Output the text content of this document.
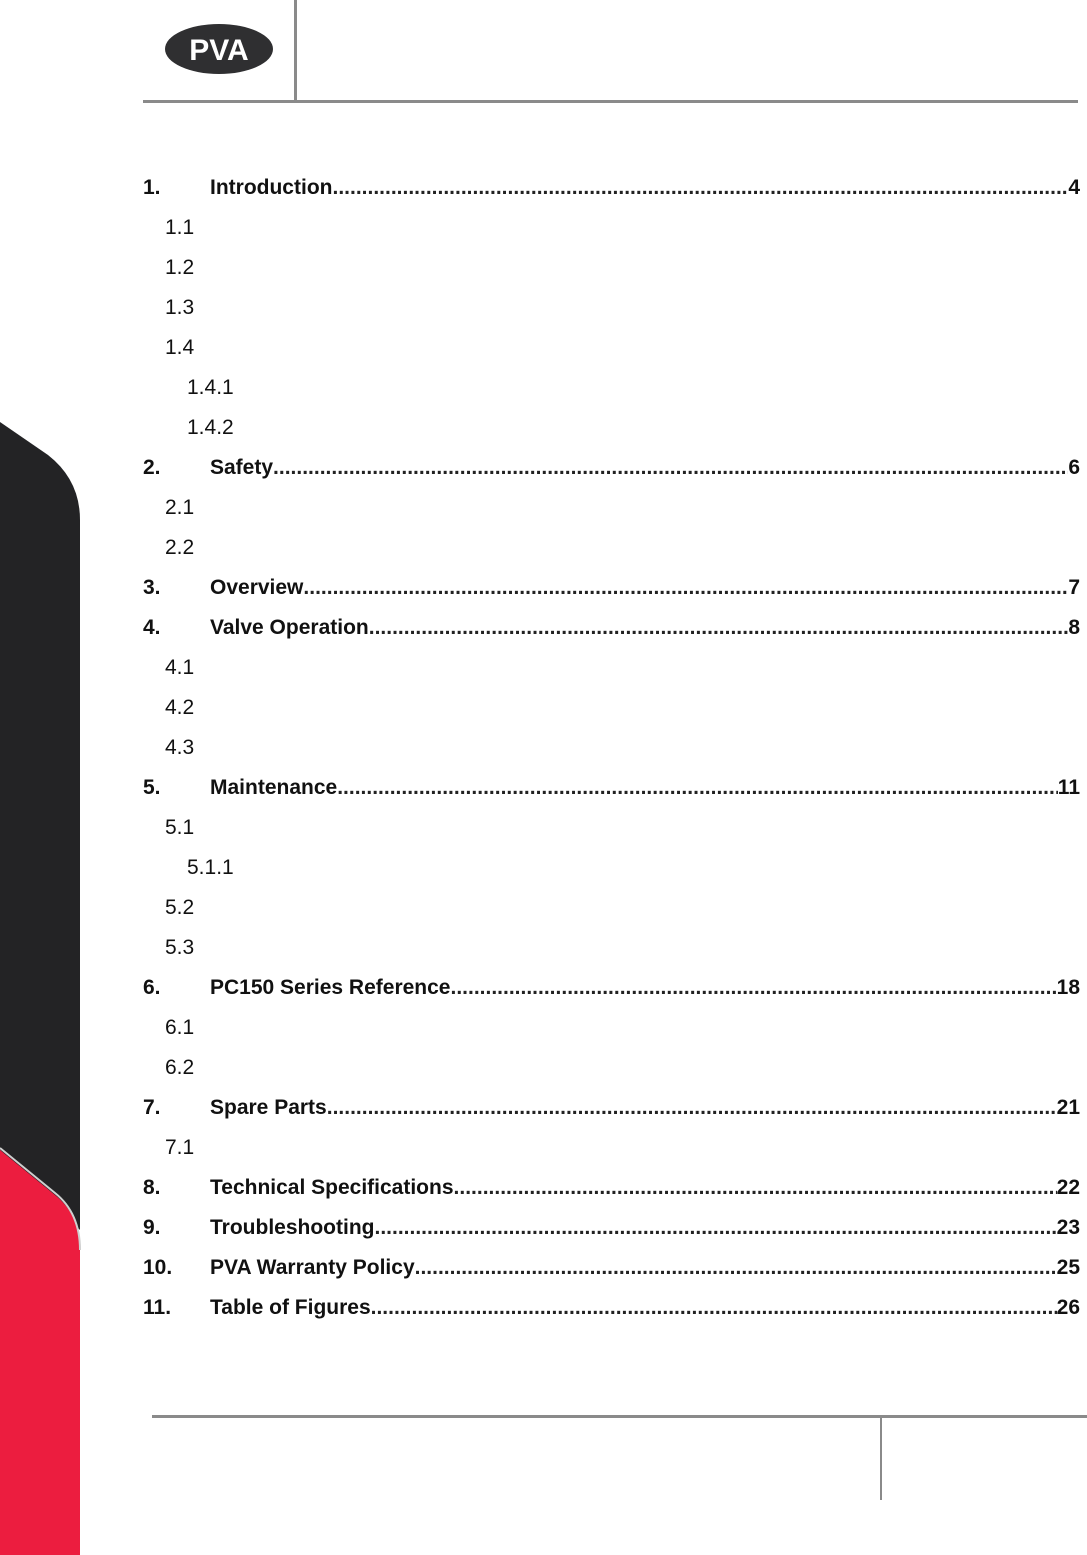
PVA
1. Introduction .....	4
1.1
1.2
1.3
1.4
1.4.1
1.4.2
2. Safety .....	6
2.1
2.2
3. Overview .....	7
4. Valve Operation .....	8
4.1
4.2
4.3
5. Maintenance .....	11
5.1
5.1.1
5.2
5.3
6. PC150 Series Reference .....	18
6.1
6.2
7. Spare Parts .....	21
7.1
8. Technical Specifications .....	22
9. Troubleshooting .....	23
10. PVA Warranty Policy .....	25
11. Table of Figures .....	26
